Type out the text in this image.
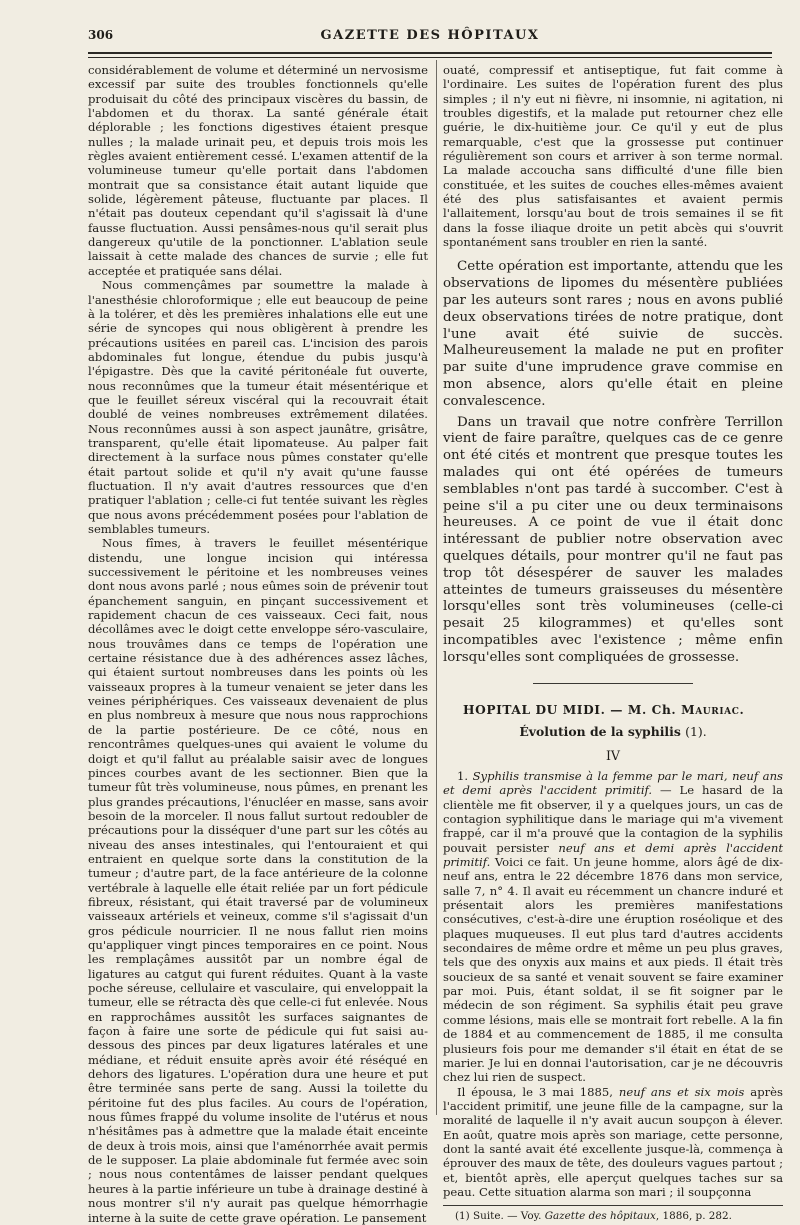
306	GAZETTE DES HÔPITAUX

considérablement de volume et déterminé un nervosisme excessif par suite des troubles fonctionnels qu'elle produisait du côté des principaux viscères du bassin, de l'abdomen et du thorax. La santé générale était déplorable ; les fonctions digestives étaient presque nulles ; la malade urinait peu, et depuis trois mois les règles avaient entièrement cessé. L'examen attentif de la volumineuse tumeur qu'elle portait dans l'abdomen montrait que sa consistance était autant liquide que solide, légèrement pâteuse, fluctuante par places. Il n'était pas douteux cependant qu'il s'agissait là d'une fausse fluctuation. Aussi pensâmes-nous qu'il serait plus dangereux qu'utile de la ponctionner. L'ablation seule laissait à cette malade des chances de survie ; elle fut acceptée et pratiquée sans délai.

Nous commençâmes par soumettre la malade à l'anesthésie chloroformique ; elle eut beaucoup de peine à la tolérer, et dès les premières inhalations elle eut une série de syncopes qui nous obligèrent à prendre les précautions usitées en pareil cas. L'incision des parois abdominales fut longue, étendue du pubis jusqu'à l'épigastre. Dès que la cavité péritonéale fut ouverte, nous reconnûmes que la tumeur était mésentérique et que le feuillet séreux viscéral qui la recouvrait était doublé de veines nombreuses extrêmement dilatées. Nous reconnûmes aussi à son aspect jaunâtre, grisâtre, transparent, qu'elle était lipomateuse. Au palper fait directement à la surface nous pûmes constater qu'elle était partout solide et qu'il n'y avait qu'une fausse fluctuation. Il n'y avait d'autres ressources que d'en pratiquer l'ablation ; celle-ci fut tentée suivant les règles que nous avons précédemment posées pour l'ablation de semblables tumeurs.

Nous fîmes, à travers le feuillet mésentérique distendu, une longue incision qui intéressa successivement le péritoine et les nombreuses veines dont nous avons parlé ; nous eûmes soin de prévenir tout épanchement sanguin, en pinçant successivement et rapidement chacun de ces vaisseaux. Ceci fait, nous décollâmes avec le doigt cette enveloppe séro-vasculaire, nous trouvâmes dans ce temps de l'opération une certaine résistance due à des adhérences assez lâches, qui étaient surtout nombreuses dans les points où les vaisseaux propres à la tumeur venaient se jeter dans les veines périphériques. Ces vaisseaux devenaient de plus en plus nombreux à mesure que nous nous rapprochions de la partie postérieure. De ce côté, nous en rencontrâmes quelques-unes qui avaient le volume du doigt et qu'il fallut au préalable saisir avec de longues pinces courbes avant de les sectionner. Bien que la tumeur fût très volumineuse, nous pûmes, en prenant les plus grandes précautions, l'énucléer en masse, sans avoir besoin de la morceler. Il nous fallut surtout redoubler de précautions pour la disséquer d'une part sur les côtés au niveau des anses intestinales, qui l'entouraient et qui entraient en quelque sorte dans la constitution de la tumeur ; d'autre part, de la face antérieure de la colonne vertébrale à laquelle elle était reliée par un fort pédicule fibreux, résistant, qui était traversé par de volumineux vaisseaux artériels et veineux, comme s'il s'agissait d'un gros pédicule nourricier. Il ne nous fallut rien moins qu'appliquer vingt pinces temporaires en ce point. Nous les remplaçâmes aussitôt par un nombre égal de ligatures au catgut qui furent réduites. Quant à la vaste poche séreuse, cellulaire et vasculaire, qui enveloppait la tumeur, elle se rétracta dès que celle-ci fut enlevée. Nous en rapprochâmes aussitôt les surfaces saignantes de façon à faire une sorte de pédicule qui fut saisi au-dessous des pinces par deux ligatures latérales et une médiane, et réduit ensuite après avoir été réséqué en dehors des ligatures. L'opération dura une heure et put être terminée sans perte de sang. Aussi la toilette du péritoine fut des plus faciles. Au cours de l'opération, nous fûmes frappé du volume insolite de l'utérus et nous n'hésitâmes pas à admettre que la malade était enceinte de deux à trois mois, ainsi que l'aménorrhée avait permis de le supposer. La plaie abdominale fut fermée avec soin ; nous nous contentâmes de laisser pendant quelques heures à la partie inférieure un tube à drainage destiné à nous montrer s'il n'y aurait pas quelque hémorrhagie interne à la suite de cette grave opération. Le pansement

ouaté, compressif et antiseptique, fut fait comme à l'ordinaire. Les suites de l'opération furent des plus simples ; il n'y eut ni fièvre, ni insomnie, ni agitation, ni troubles digestifs, et la malade put retourner chez elle guérie, le dix-huitième jour. Ce qu'il y eut de plus remarquable, c'est que la grossesse put continuer régulièrement son cours et arriver à son terme normal. La malade accoucha sans difficulté d'une fille bien constituée, et les suites de couches elles-mêmes avaient été des plus satisfaisantes et avaient permis l'allaitement, lorsqu'au bout de trois semaines il se fit dans la fosse iliaque droite un petit abcès qui s'ouvrit spontanément sans troubler en rien la santé.

Cette opération est importante, attendu que les observations de lipomes du mésentère publiées par les auteurs sont rares ; nous en avons publié deux observations tirées de notre pratique, dont l'une avait été suivie de succès. Malheureusement la malade ne put en profiter par suite d'une imprudence grave commise en mon absence, alors qu'elle était en pleine convalescence.

Dans un travail que notre confrère Terrillon vient de faire paraître, quelques cas de ce genre ont été cités et montrent que presque toutes les malades qui ont été opérées de tumeurs semblables n'ont pas tardé à succomber. C'est à peine s'il a pu citer une ou deux terminaisons heureuses. A ce point de vue il était donc intéressant de publier notre observation avec quelques détails, pour montrer qu'il ne faut pas trop tôt désespérer de sauver les malades atteintes de tumeurs graisseuses du mésentère lorsqu'elles sont très volumineuses (celle-ci pesait 25 kilogrammes) et qu'elles sont incompatibles avec l'existence ; même enfin lorsqu'elles sont compliquées de grossesse.

HOPITAL DU MIDI. — M. Ch. Mauriac.
Évolution de la syphilis (1).
IV

1. Syphilis transmise à la femme par le mari, neuf ans et demi après l'accident primitif. — Le hasard de la clientèle me fit observer, il y a quelques jours, un cas de contagion syphilitique dans le mariage qui m'a vivement frappé, car il m'a prouvé que la contagion de la syphilis pouvait persister neuf ans et demi après l'accident primitif. Voici ce fait. Un jeune homme, alors âgé de dix-neuf ans, entra le 22 décembre 1876 dans mon service, salle 7, n° 4. Il avait eu récemment un chancre induré et présentait alors les premières manifestations consécutives, c'est-à-dire une éruption roséolique et des plaques muqueuses. Il eut plus tard d'autres accidents secondaires de même ordre et même un peu plus graves, tels que des onyxis aux mains et aux pieds. Il était très soucieux de sa santé et venait souvent se faire examiner par moi. Puis, étant soldat, il se fit soigner par le médecin de son régiment. Sa syphilis était peu grave comme lésions, mais elle se montrait fort rebelle. A la fin de 1884 et au commencement de 1885, il me consulta plusieurs fois pour me demander s'il était en état de se marier. Je lui en donnai l'autorisation, car je ne découvris chez lui rien de suspect.

Il épousa, le 3 mai 1885, neuf ans et six mois après l'accident primitif, une jeune fille de la campagne, sur la moralité de laquelle il n'y avait aucun soupçon à élever. En août, quatre mois après son mariage, cette personne, dont la santé avait été excellente jusque-là, commença à éprouver des maux de tête, des douleurs vagues partout ; et, bientôt après, elle aperçut quelques taches sur sa peau. Cette situation alarma son mari ; il soupçonna

(1) Suite. — Voy. Gazette des hôpitaux, 1886, p. 282.
